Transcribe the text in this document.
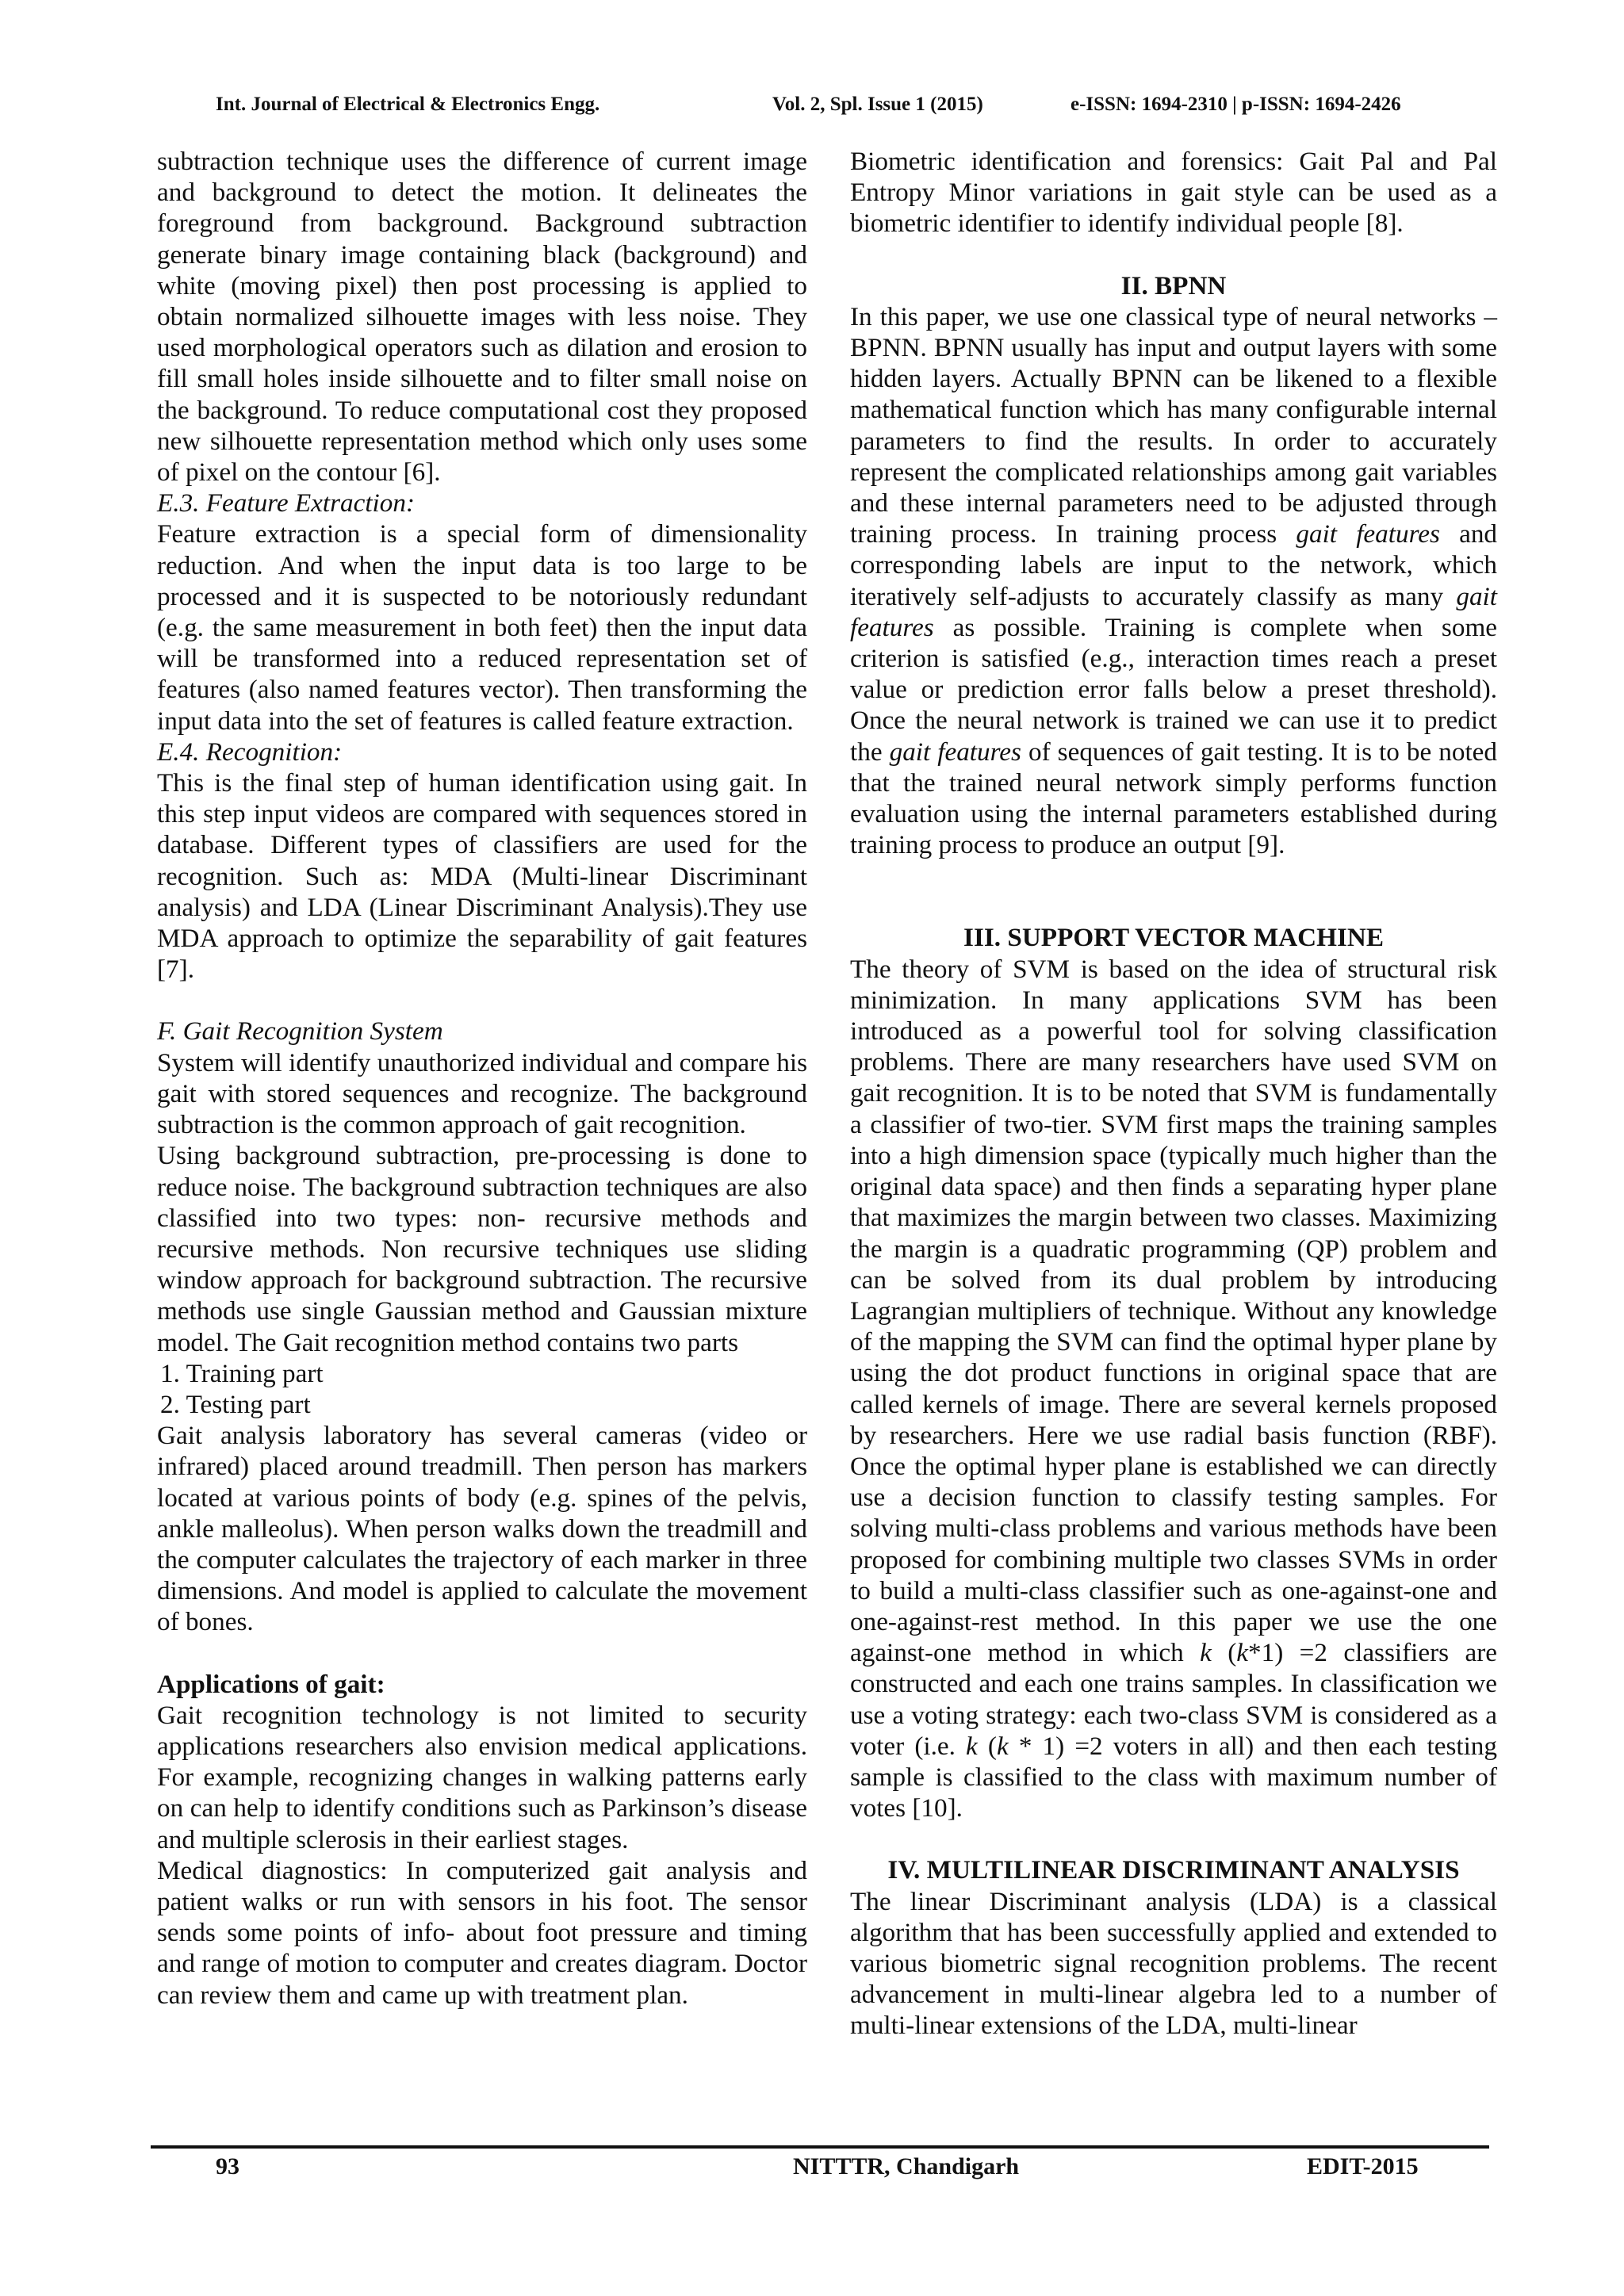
Int. Journal of Electrical & Electronics Engg.	Vol. 2, Spl. Issue 1 (2015)	e-ISSN: 1694-2310 | p-ISSN: 1694-2426

subtraction technique uses the difference of current image and background to detect the motion. It delineates the foreground from background. Background subtraction generate binary image containing black (background) and white (moving pixel) then post processing is applied to obtain normalized silhouette images with less noise. They used morphological operators such as dilation and erosion to fill small holes inside silhouette and to filter small noise on the background. To reduce computational cost they proposed new silhouette representation method which only uses some of pixel on the contour [6].

E.3. Feature Extraction:

Feature extraction is a special form of dimensionality reduction. And when the input data is too large to be processed and it is suspected to be notoriously redundant (e.g. the same measurement in both feet) then the input data will be transformed into a reduced representation set of features (also named features vector). Then transforming the input data into the set of features is called feature extraction.

E.4. Recognition:

This is the final step of human identification using gait. In this step input videos are compared with sequences stored in database. Different types of classifiers are used for the recognition. Such as: MDA (Multi-linear Discriminant analysis) and LDA (Linear Discriminant Analysis).They use MDA approach to optimize the separability of gait features [7].

F. Gait Recognition System

System will identify unauthorized individual and compare his gait with stored sequences and recognize. The background subtraction is the common approach of gait recognition.

Using background subtraction, pre-processing is done to reduce noise. The background subtraction techniques are also classified into two types: non- recursive methods and recursive methods. Non recursive techniques use sliding window approach for background subtraction. The recursive methods use single Gaussian method and Gaussian mixture model. The Gait recognition method contains two parts

1. Training part
2. Testing part

Gait analysis laboratory has several cameras (video or infrared) placed around treadmill. Then person has markers located at various points of body (e.g. spines of the pelvis, ankle malleolus). When person walks down the treadmill and the computer calculates the trajectory of each marker in three dimensions. And model is applied to calculate the movement of bones.

Applications of gait:

Gait recognition technology is not limited to security applications researchers also envision medical applications. For example, recognizing changes in walking patterns early on can help to identify conditions such as Parkinson’s disease and multiple sclerosis in their earliest stages.

Medical diagnostics: In computerized gait analysis and patient walks or run with sensors in his foot. The sensor sends some points of info- about foot pressure and timing and range of motion to computer and creates diagram. Doctor can review them and came up with treatment plan.

Biometric identification and forensics: Gait Pal and Pal Entropy Minor variations in gait style can be used as a biometric identifier to identify individual people [8].

II. BPNN

In this paper, we use one classical type of neural networks –BPNN. BPNN usually has input and output layers with some hidden layers. Actually BPNN can be likened to a flexible mathematical function which has many configurable internal parameters to find the results. In order to accurately represent the complicated relationships among gait variables and these internal parameters need to be adjusted through training process. In training process gait features and corresponding labels are input to the network, which iteratively self-adjusts to accurately classify as many gait features as possible. Training is complete when some criterion is satisfied (e.g., interaction times reach a preset value or prediction error falls below a preset threshold). Once the neural network is trained we can use it to predict the gait features of sequences of gait testing. It is to be noted that the trained neural network simply performs function evaluation using the internal parameters established during training process to produce an output [9].

III. SUPPORT VECTOR MACHINE

The theory of SVM is based on the idea of structural risk minimization. In many applications SVM has been introduced as a powerful tool for solving classification problems. There are many researchers have used SVM on gait recognition. It is to be noted that SVM is fundamentally a classifier of two-tier. SVM first maps the training samples into a high dimension space (typically much higher than the original data space) and then finds a separating hyper plane that maximizes the margin between two classes. Maximizing the margin is a quadratic programming (QP) problem and can be solved from its dual problem by introducing Lagrangian multipliers of technique. Without any knowledge of the mapping the SVM can find the optimal hyper plane by using the dot product functions in original space that are called kernels of image. There are several kernels proposed by researchers. Here we use radial basis function (RBF). Once the optimal hyper plane is established we can directly use a decision function to classify testing samples. For solving multi-class problems and various methods have been proposed for combining multiple two classes SVMs in order to build a multi-class classifier such as one-against-one and one-against-rest method. In this paper we use the one against-one method in which k (k*1) =2 classifiers are constructed and each one trains samples. In classification we use a voting strategy: each two-class SVM is considered as a voter (i.e. k (k * 1) =2 voters in all) and then each testing sample is classified to the class with maximum number of votes [10].

IV. MULTILINEAR DISCRIMINANT ANALYSIS

The linear Discriminant analysis (LDA) is a classical algorithm that has been successfully applied and extended to various biometric signal recognition problems. The recent advancement in multi-linear algebra led to a number of multi-linear extensions of the LDA, multi-linear

93	NITTTR, Chandigarh	EDIT-2015
